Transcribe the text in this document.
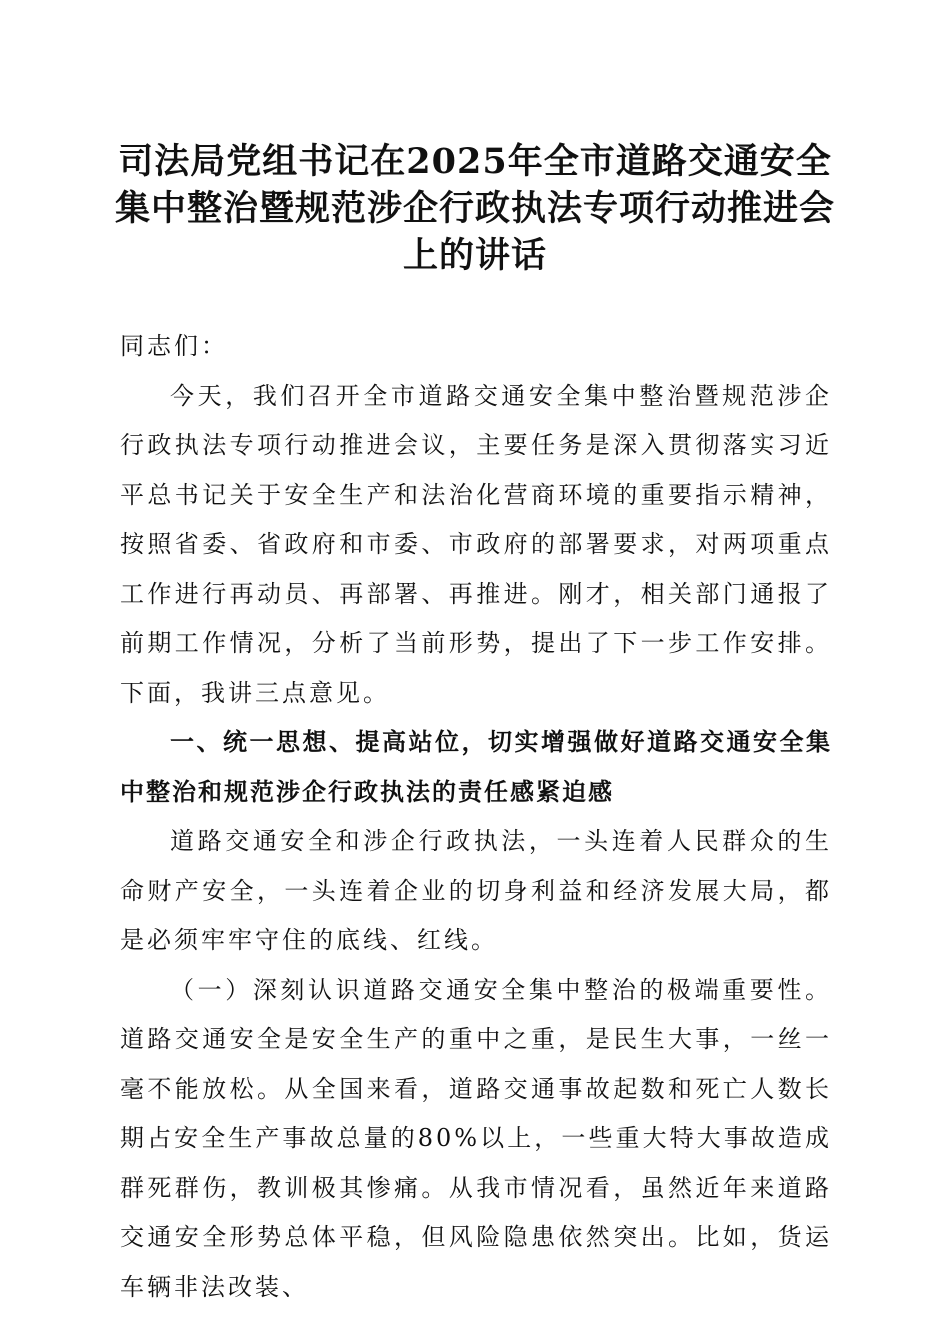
司法局党组书记在2025年全市道路交通安全集中整治暨规范涉企行政执法专项行动推进会上的讲话

同志们：

今天，我们召开全市道路交通安全集中整治暨规范涉企行政执法专项行动推进会议，主要任务是深入贯彻落实习近平总书记关于安全生产和法治化营商环境的重要指示精神，按照省委、省政府和市委、市政府的部署要求，对两项重点工作进行再动员、再部署、再推进。刚才，相关部门通报了前期工作情况，分析了当前形势，提出了下一步工作安排。下面，我讲三点意见。

一、统一思想、提高站位，切实增强做好道路交通安全集中整治和规范涉企行政执法的责任感紧迫感

道路交通安全和涉企行政执法，一头连着人民群众的生命财产安全，一头连着企业的切身利益和经济发展大局，都是必须牢牢守住的底线、红线。

（一）深刻认识道路交通安全集中整治的极端重要性。道路交通安全是安全生产的重中之重，是民生大事，一丝一毫不能放松。从全国来看，道路交通事故起数和死亡人数长期占安全生产事故总量的80%以上，一些重大特大事故造成群死群伤，教训极其惨痛。从我市情况看，虽然近年来道路交通安全形势总体平稳，但风险隐患依然突出。比如，货运车辆非法改装、
